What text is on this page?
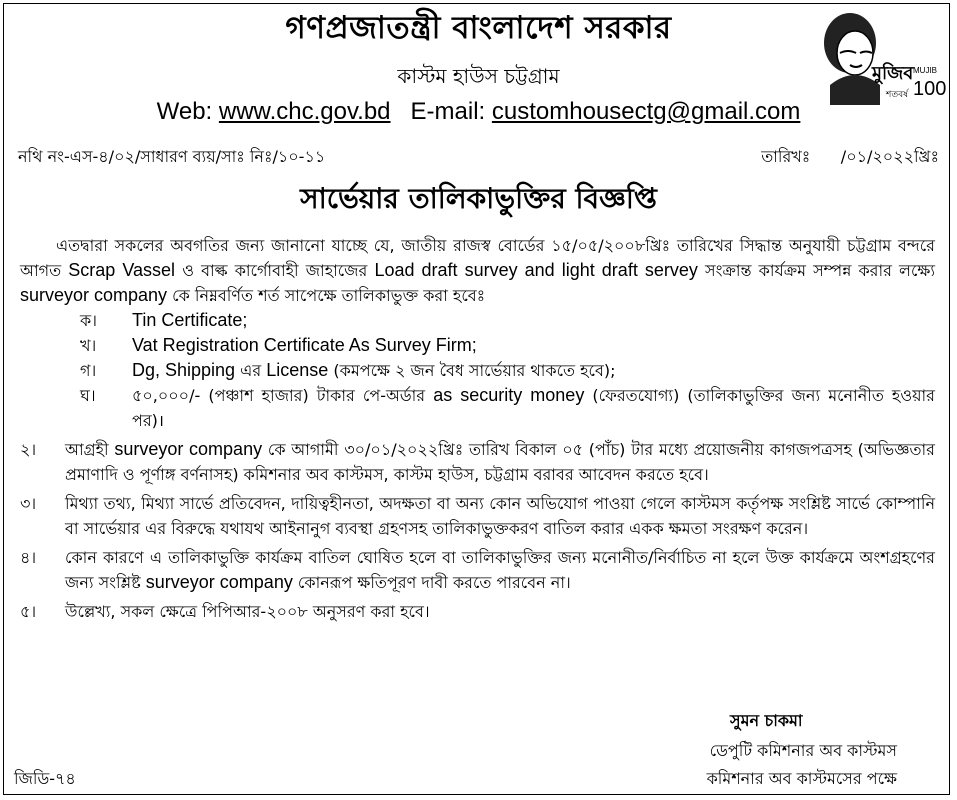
গণপ্রজাতন্ত্রী বাংলাদেশ সরকার
মুজিব MUJIB
100
শতবর্ষ
কাস্টম হাউস চট্টগ্রাম
Web: www.chc.gov.bd E-mail: customhousectg@gmail.com
নথি নং-এস-৪/০২/সাধারণ ব্যয়/সাঃ নিঃ/১০-১১	তারিখঃ /০১/২০২২খ্রিঃ
সার্ভেয়ার তালিকাভুক্তির বিজ্ঞপ্তি
এতদ্বারা সকলের অবগতির জন্য জানানো যাচ্ছে যে, জাতীয় রাজস্ব বোর্ডের ১৫/০৫/২০০৮খ্রিঃ তারিখের সিদ্ধান্ত অনুযায়ী চট্টগ্রাম বন্দরে আগত Scrap Vassel ও বাল্ক কার্গোবাহী জাহাজের Load draft survey and light draft servey সংক্রান্ত কার্যক্রম সম্পন্ন করার লক্ষ্যে surveyor company কে নিম্নবর্ণিত শর্ত সাপেক্ষে তালিকাভুক্ত করা হবেঃ
ক। Tin Certificate;
খ। Vat Registration Certificate As Survey Firm;
গ। Dg, Shipping এর License (কমপক্ষে ২ জন বৈধ সার্ভেয়ার থাকতে হবে);
ঘ। ৫০,০০০/- (পঞ্চাশ হাজার) টাকার পে-অর্ডার as security money (ফেরতযোগ্য) (তালিকাভুক্তির জন্য মনোনীত হওয়ার পর)।
২। আগ্রহী surveyor company কে আগামী ৩০/০১/২০২২খ্রিঃ তারিখ বিকাল ০৫ (পাঁচ) টার মধ্যে প্রয়োজনীয় কাগজপত্রসহ (অভিজ্ঞতার প্রমাণাদি ও পূর্ণাঙ্গ বর্ণনাসহ) কমিশনার অব কাস্টমস, কাস্টম হাউস, চট্টগ্রাম বরাবর আবেদন করতে হবে।
৩। মিথ্যা তথ্য, মিথ্যা সার্ভে প্রতিবেদন, দায়িত্বহীনতা, অদক্ষতা বা অন্য কোন অভিযোগ পাওয়া গেলে কাস্টমস কর্তৃপক্ষ সংশ্লিষ্ট সার্ভে কোম্পানি বা সার্ভেয়ার এর বিরুদ্ধে যথাযথ আইনানুগ ব্যবস্থা গ্রহণসহ তালিকাভুক্তকরণ বাতিল করার একক ক্ষমতা সংরক্ষণ করেন।
৪। কোন কারণে এ তালিকাভুক্তি কার্যক্রম বাতিল ঘোষিত হলে বা তালিকাভুক্তির জন্য মনোনীত/নির্বাচিত না হলে উক্ত কার্যক্রমে অংশগ্রহণের জন্য সংশ্লিষ্ট surveyor company কোনরূপ ক্ষতিপূরণ দাবী করতে পারবেন না।
৫। উল্লেখ্য, সকল ক্ষেত্রে পিপিআর-২০০৮ অনুসরণ করা হবে।
সুমন চাকমা
ডেপুটি কমিশনার অব কাস্টমস
কমিশনার অব কাস্টমসের পক্ষে
জিডি-৭৪
